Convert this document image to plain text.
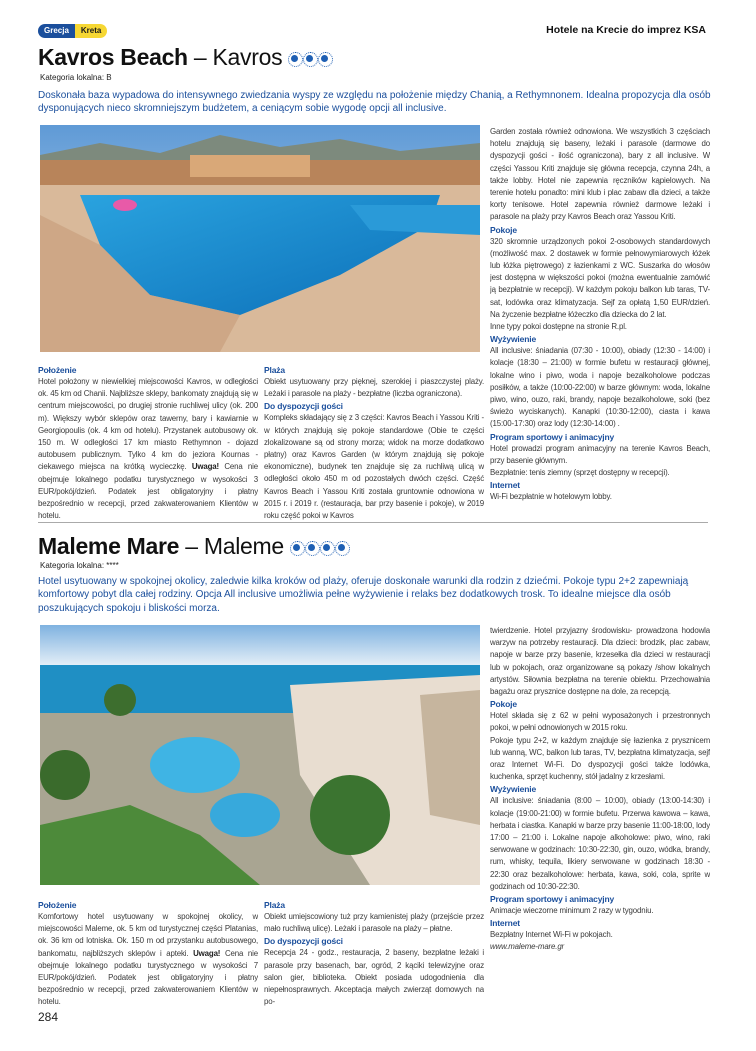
Grecja	Kreta	Hotele na Krecie do imprez KSA
Kavros Beach – Kavros
Kategoria lokalna: B
Doskonała baza wypadowa do intensywnego zwiedzania wyspy ze względu na położenie między Chanią, a Rethymnonem. Idealna propozycja dla osób dysponujących nieco skromniejszym budżetem, a ceniącym sobie wygodę opcji all inclusive.
Położenie

Hotel położony w niewielkiej miejscowości Kavros, w odległości ok. 45 km od Chanii. Najbliższe sklepy, bankomaty znajdują się w centrum miejscowości, po drugiej stronie ruchliwej ulicy (ok. 200 m). Większy wybór sklepów oraz tawerny, bary i kawiarnie w Georgiopoulis (ok. 4 km od hotelu). Przystanek autobusowy ok. 150 m. W odległości 17 km miasto Rethymnon - dojazd autobusem publicznym. Tylko 4 km do jeziora Kournas - ciekawego miejsca na krótką wycieczkę. Uwaga! Cena nie obejmuje lokalnego podatku turystycznego w wysokości 3 EUR/pokój/dzień. Podatek jest obligatoryjny i płatny bezpośrednio w recepcji, przed zakwaterowaniem Klientów w hotelu.

Plaża

Obiekt usytuowany przy pięknej, szerokiej i piaszczystej plaży. Leżaki i parasole na plaży - bezpłatne (liczba ograniczona).

Do dyspozycji gości

Kompleks składający się z 3 części: Kavros Beach i Yassou Kriti - w których znajdują się pokoje standardowe (Obie te części zlokalizowane są od strony morza; widok na morze dodatkowo płatny) oraz Kavros Garden (w którym znajdują się pokoje ekonomiczne), budynek ten znajduje się za ruchliwą ulicą w odległości około 450 m od pozostałych dwóch części. Część Kavros Beach i Yassou Kriti została gruntownie odnowiona w 2015 r. i 2019 r. (restauracja, bar przy basenie i pokoje), w 2019 roku część pokoi w Kavros

Garden została również odnowiona. We wszystkich 3 częściach hotelu znajdują się baseny, leżaki i parasole (darmowe do dyspozycji gości - ilość ograniczona), bary z all inclusive. W części Yassou Kriti znajduje się główna recepcja, czynna 24h, a także lobby. Hotel nie zapewnia ręczników kąpielowych. Na terenie hotelu ponadto: mini klub i plac zabaw dla dzieci, a także korty tenisowe. Hotel zapewnia również darmowe leżaki i parasole na plaży przy Kavros Beach oraz Yassou Kriti.

Pokoje

320 skromnie urządzonych pokoi 2-osobowych standardowych (możliwość max. 2 dostawek w formie pełnowymiarowych łóżek lub łóżka piętrowego) z łazienkami z WC. Suszarka do włosów jest dostępna w większości pokoi (można ewentualnie zamówić ją bezpłatnie w recepcji). W każdym pokoju balkon lub taras, TV-sat, lodówka oraz klimatyzacja. Sejf za opłatą 1,50 EUR/dzień. Na życzenie bezpłatne łóżeczko dla dziecka do 2 lat.

Inne typy pokoi dostępne na stronie R.pl.

Wyżywienie

All inclusive: śniadania (07:30 - 10:00), obiady (12:30 - 14:00) i kolacje (18:30 – 21:00) w formie bufetu w restauracji głównej, lokalne wino i piwo, woda i napoje bezalkoholowe podczas posiłków, a także (10:00-22:00) w barze głównym: woda, lokalne piwo, wino, ouzo, raki, brandy, napoje bezalkoholowe, soki (bez świeżo wyciskanych). Kanapki (10:30-12:00), ciasta i kawa (15:00-17:30) oraz lody (12:30-14:00) .

Program sportowy i animacyjny

Hotel prowadzi program animacyjny na terenie Kavros Beach, przy basenie głównym.

Bezpłatnie: tenis ziemny (sprzęt dostępny w recepcji).

Internet

Wi-Fi bezpłatnie w hotelowym lobby.

Maleme Mare – Maleme
Kategoria lokalna: ****
Hotel usytuowany w spokojnej okolicy, zaledwie kilka kroków od plaży, oferuje doskonałe warunki dla rodzin z dziećmi. Pokoje typu 2+2 zapewniają komfortowy pobyt dla całej rodziny. Opcja All inclusive umożliwia pełne wyżywienie i relaks bez dodatkowych trosk. To idealne miejsce dla osób poszukujących spokoju i bliskości morza.
Położenie

Komfortowy hotel usytuowany w spokojnej okolicy, w miejscowości Maleme, ok. 5 km od turystycznej części Platanias, ok. 36 km od lotniska. Ok. 150 m od przystanku autobusowego, bankomatu, najbliższych sklepów i apteki. Uwaga! Cena nie obejmuje lokalnego podatku turystycznego w wysokości 7 EUR/pokój/dzień. Podatek jest obligatoryjny i płatny bezpośrednio w recepcji, przed zakwaterowaniem Klientów w hotelu.

Plaża

Obiekt umiejscowiony tuż przy kamienistej plaży (przejście przez mało ruchliwą ulicę). Leżaki i parasole na plaży – płatne.

Do dyspozycji gości

Recepcja 24 - godz., restauracja, 2 baseny, bezpłatne leżaki i parasole przy basenach, bar, ogród, 2 kąciki telewizyjne oraz salon gier, biblioteka. Obiekt posiada udogodnienia dla niepełnosprawnych. Akceptacja małych zwierząt domowych na po-

twierdzenie. Hotel przyjazny środowisku- prowadzona hodowla warzyw na potrzeby restauracji. Dla dzieci: brodzik, plac zabaw, napoje w barze przy basenie, krzesełka dla dzieci w restauracji lub w pokojach, oraz organizowane są pokazy /show lokalnych artystów. Siłownia bezpłatna na terenie obiektu. Przechowalnia bagażu oraz prysznice dostępne na dole, za recepcją.

Pokoje

Hotel składa się z 62 w pełni wyposażonych i przestronnych pokoi, w pełni odnowionych w 2015 roku.

Pokoje typu 2+2, w każdym znajduje się łazienka z prysznicem lub wanną, WC, balkon lub taras, TV, bezpłatna klimatyzacja, sejf oraz Internet Wi-Fi. Do dyspozycji gości także lodówka, kuchenka, sprzęt kuchenny, stół jadalny z krzesłami.

Wyżywienie

All inclusive: śniadania (8:00 – 10:00), obiady (13:00-14:30) i kolacje (19:00-21:00) w formie bufetu. Przerwa kawowa – kawa, herbata i ciastka. Kanapki w barze przy basenie 11:00-18:00, lody 17:00 – 21:00 i. Lokalne napoje alkoholowe: piwo, wino, raki serwowane w godzinach: 10:30-22:30, gin, ouzo, wódka, brandy, rum, whisky, tequila, likiery serwowane w godzinach 18:30 - 22:30 oraz bezalkoholowe: herbata, kawa, soki, cola, sprite w godzinach od 10:30-22:30.

Program sportowy i animacyjny

Animacje wieczorne minimum 2 razy w tygodniu.

Internet

Bezpłatny Internet Wi-Fi w pokojach.

www.maleme-mare.gr

284
